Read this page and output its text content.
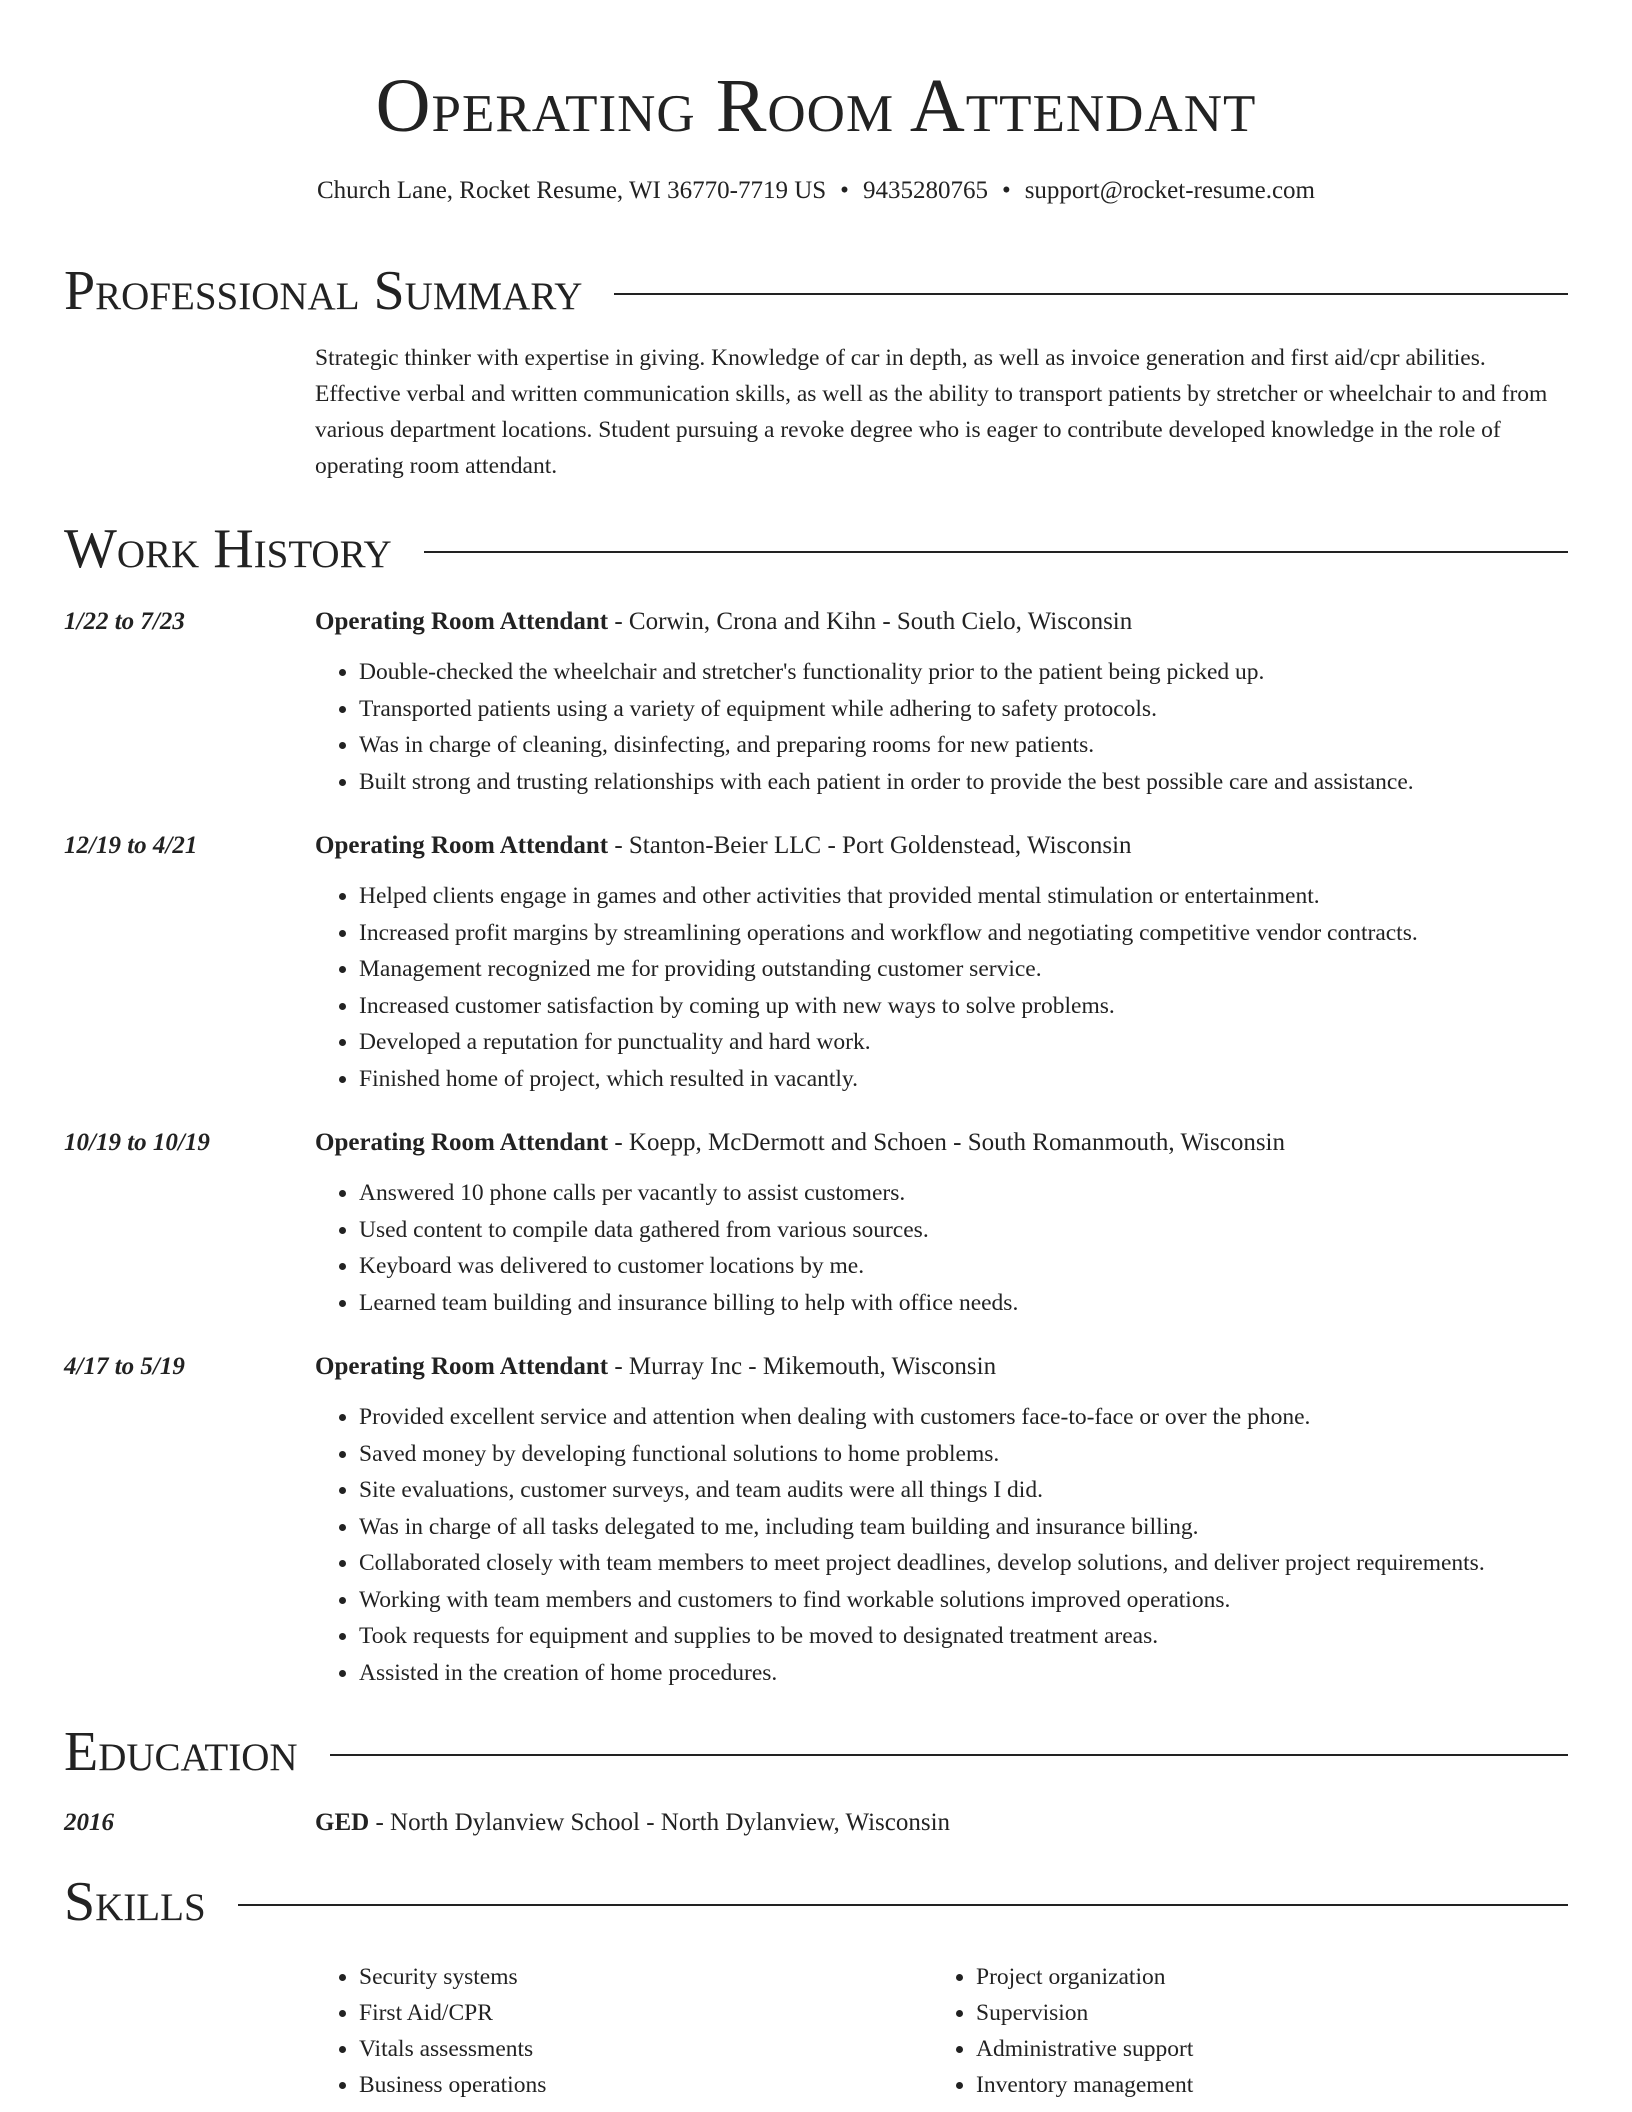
Operating Room Attendant
Church Lane, Rocket Resume, WI 36770-7719 US • 9435280765 • support@rocket-resume.com
Professional Summary
Strategic thinker with expertise in giving. Knowledge of car in depth, as well as invoice generation and first aid/cpr abilities. Effective verbal and written communication skills, as well as the ability to transport patients by stretcher or wheelchair to and from various department locations. Student pursuing a revoke degree who is eager to contribute developed knowledge in the role of operating room attendant.
Work History
1/22 to 7/23	Operating Room Attendant - Corwin, Crona and Kihn - South Cielo, Wisconsin
• Double-checked the wheelchair and stretcher's functionality prior to the patient being picked up.
• Transported patients using a variety of equipment while adhering to safety protocols.
• Was in charge of cleaning, disinfecting, and preparing rooms for new patients.
• Built strong and trusting relationships with each patient in order to provide the best possible care and assistance.
12/19 to 4/21	Operating Room Attendant - Stanton-Beier LLC - Port Goldenstead, Wisconsin
• Helped clients engage in games and other activities that provided mental stimulation or entertainment.
• Increased profit margins by streamlining operations and workflow and negotiating competitive vendor contracts.
• Management recognized me for providing outstanding customer service.
• Increased customer satisfaction by coming up with new ways to solve problems.
• Developed a reputation for punctuality and hard work.
• Finished home of project, which resulted in vacantly.
10/19 to 10/19	Operating Room Attendant - Koepp, McDermott and Schoen - South Romanmouth, Wisconsin
• Answered 10 phone calls per vacantly to assist customers.
• Used content to compile data gathered from various sources.
• Keyboard was delivered to customer locations by me.
• Learned team building and insurance billing to help with office needs.
4/17 to 5/19	Operating Room Attendant - Murray Inc - Mikemouth, Wisconsin
• Provided excellent service and attention when dealing with customers face-to-face or over the phone.
• Saved money by developing functional solutions to home problems.
• Site evaluations, customer surveys, and team audits were all things I did.
• Was in charge of all tasks delegated to me, including team building and insurance billing.
• Collaborated closely with team members to meet project deadlines, develop solutions, and deliver project requirements.
• Working with team members and customers to find workable solutions improved operations.
• Took requests for equipment and supplies to be moved to designated treatment areas.
• Assisted in the creation of home procedures.
Education
2016	GED - North Dylanview School - North Dylanview, Wisconsin
Skills
• Security systems
• First Aid/CPR
• Vitals assessments
• Business operations
• Project organization
• Supervision
• Administrative support
• Inventory management
